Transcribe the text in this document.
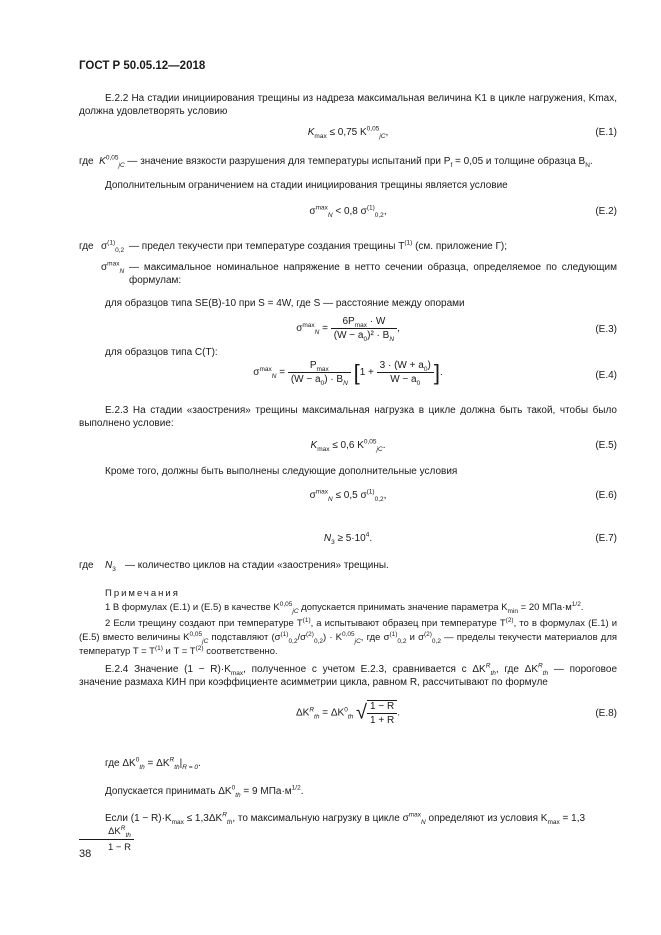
ГОСТ Р 50.05.12—2018
Е.2.2 На стадии инициирования трещины из надреза максимальная величина K1 в цикле нагружения, Kmax, должна удовлетворять условию
$K_{max} \le 0,75$ K$^{0,05}_{jC}$,	(Е.1)
где K$^{0,05}_{jC}$ — значение вязкости разрушения для температуры испытаний при $P_f = 0,05$ и толщине образца $B_N$.
Дополнительным ограничением на стадии инициирования трещины является условие
$\sigma^{max}_N < 0,8$ $\sigma^{(1)}_{0,2}$,	(Е.2)
где $\sigma^{(1)}_{0,2}$ — предел текучести при температуре создания трещины $T^{(1)}$ (см. приложение Г);
$\sigma^{max}_N$ — максимальное номинальное напряжение в нетто сечении образца, определяемое по следующим формулам:
для образцов типа SE(B)-10 при S = 4W, где S — расстояние между опорами
$\sigma^{max}_N = \frac{6P_{max} \cdot W}{(W - a_0)^2 \cdot B_N}$ ,	(Е.3)
для образцов типа C(T):
$\sigma^{max}_N = \frac{P_{max}}{(W - a_0) \cdot B_N} [1 + \frac{3 \cdot (W + a_0)}{W - a_0}$ ].	(Е.4)
Е.2.3 На стадии «заострения» трещины максимальная нагрузка в цикле должна быть такой, чтобы было выполнено условие:
$K_{max} \le 0,6$ K$^{0,05}_{jC}$.	(Е.5)
Кроме того, должны быть выполнены следующие дополнительные условия
$\sigma^{max}_N \le 0,5$ $\sigma^{(1)}_{0,2}$,	(Е.6)
$N_3 \ge 5\cdot 10^4$.	(Е.7)
где $N_3$ — количество циклов на стадии «заострения» трещины.
Примечания
1 В формулах (Е.1) и (Е.5) в качестве K$^{0,05}_{jC}$ допускается принимать значение параметра $K_{min} = 20$ $МПа\cdot м^{1/2}$.
2 Если трещину создают при температуре $T^{(1)}$, а испытывают образец при температуре $T^{(2)}$, то в формулах (Е.1) и (Е.5) вместо величины K$^{0,05}_{jC}$ подставляют $(\sigma^{(1)}_{0,2}/\sigma^{(2)}_{0,2}) \cdot K^{0,05}_{jC}$, где $\sigma^{(1)}_{0,2}$ и $\sigma^{(2)}_{0,2}$ — пределы текучести материалов для температур $T = T^{(1)}$ и $T = T^{(2)}$ соответственно.
Е.2.4 Значение $(1 - R)\cdot K_{max}$, полученное с учетом Е.2.3, сравнивается с $\Delta K^R_{th}$, где $\Delta K^R_{th}$ — пороговое значение размаха КИН при коэффициенте асимметрии цикла, равном R, рассчитывают по формуле
$\Delta K^R_{th} = \Delta K^0_{th}$ √ $\frac{1 - R}{1 + R}$ .	(Е.8)
где $\Delta K^0_{th} = \Delta K^R_{th}|_{R = 0}$.
Допускается принимать $\Delta K^0_{th} = 9$ $МПа\cdot м^{1/2}$.
Если $(1 - R)\cdot K_{max} \le 1,3\Delta K^R_{th}$, то максимальную нагрузку в цикле $\sigma^{max}_N$ определяют из условия $K_{max} = 1,3$
$\frac{\Delta K^R_{th}}{1 - R}$
38
